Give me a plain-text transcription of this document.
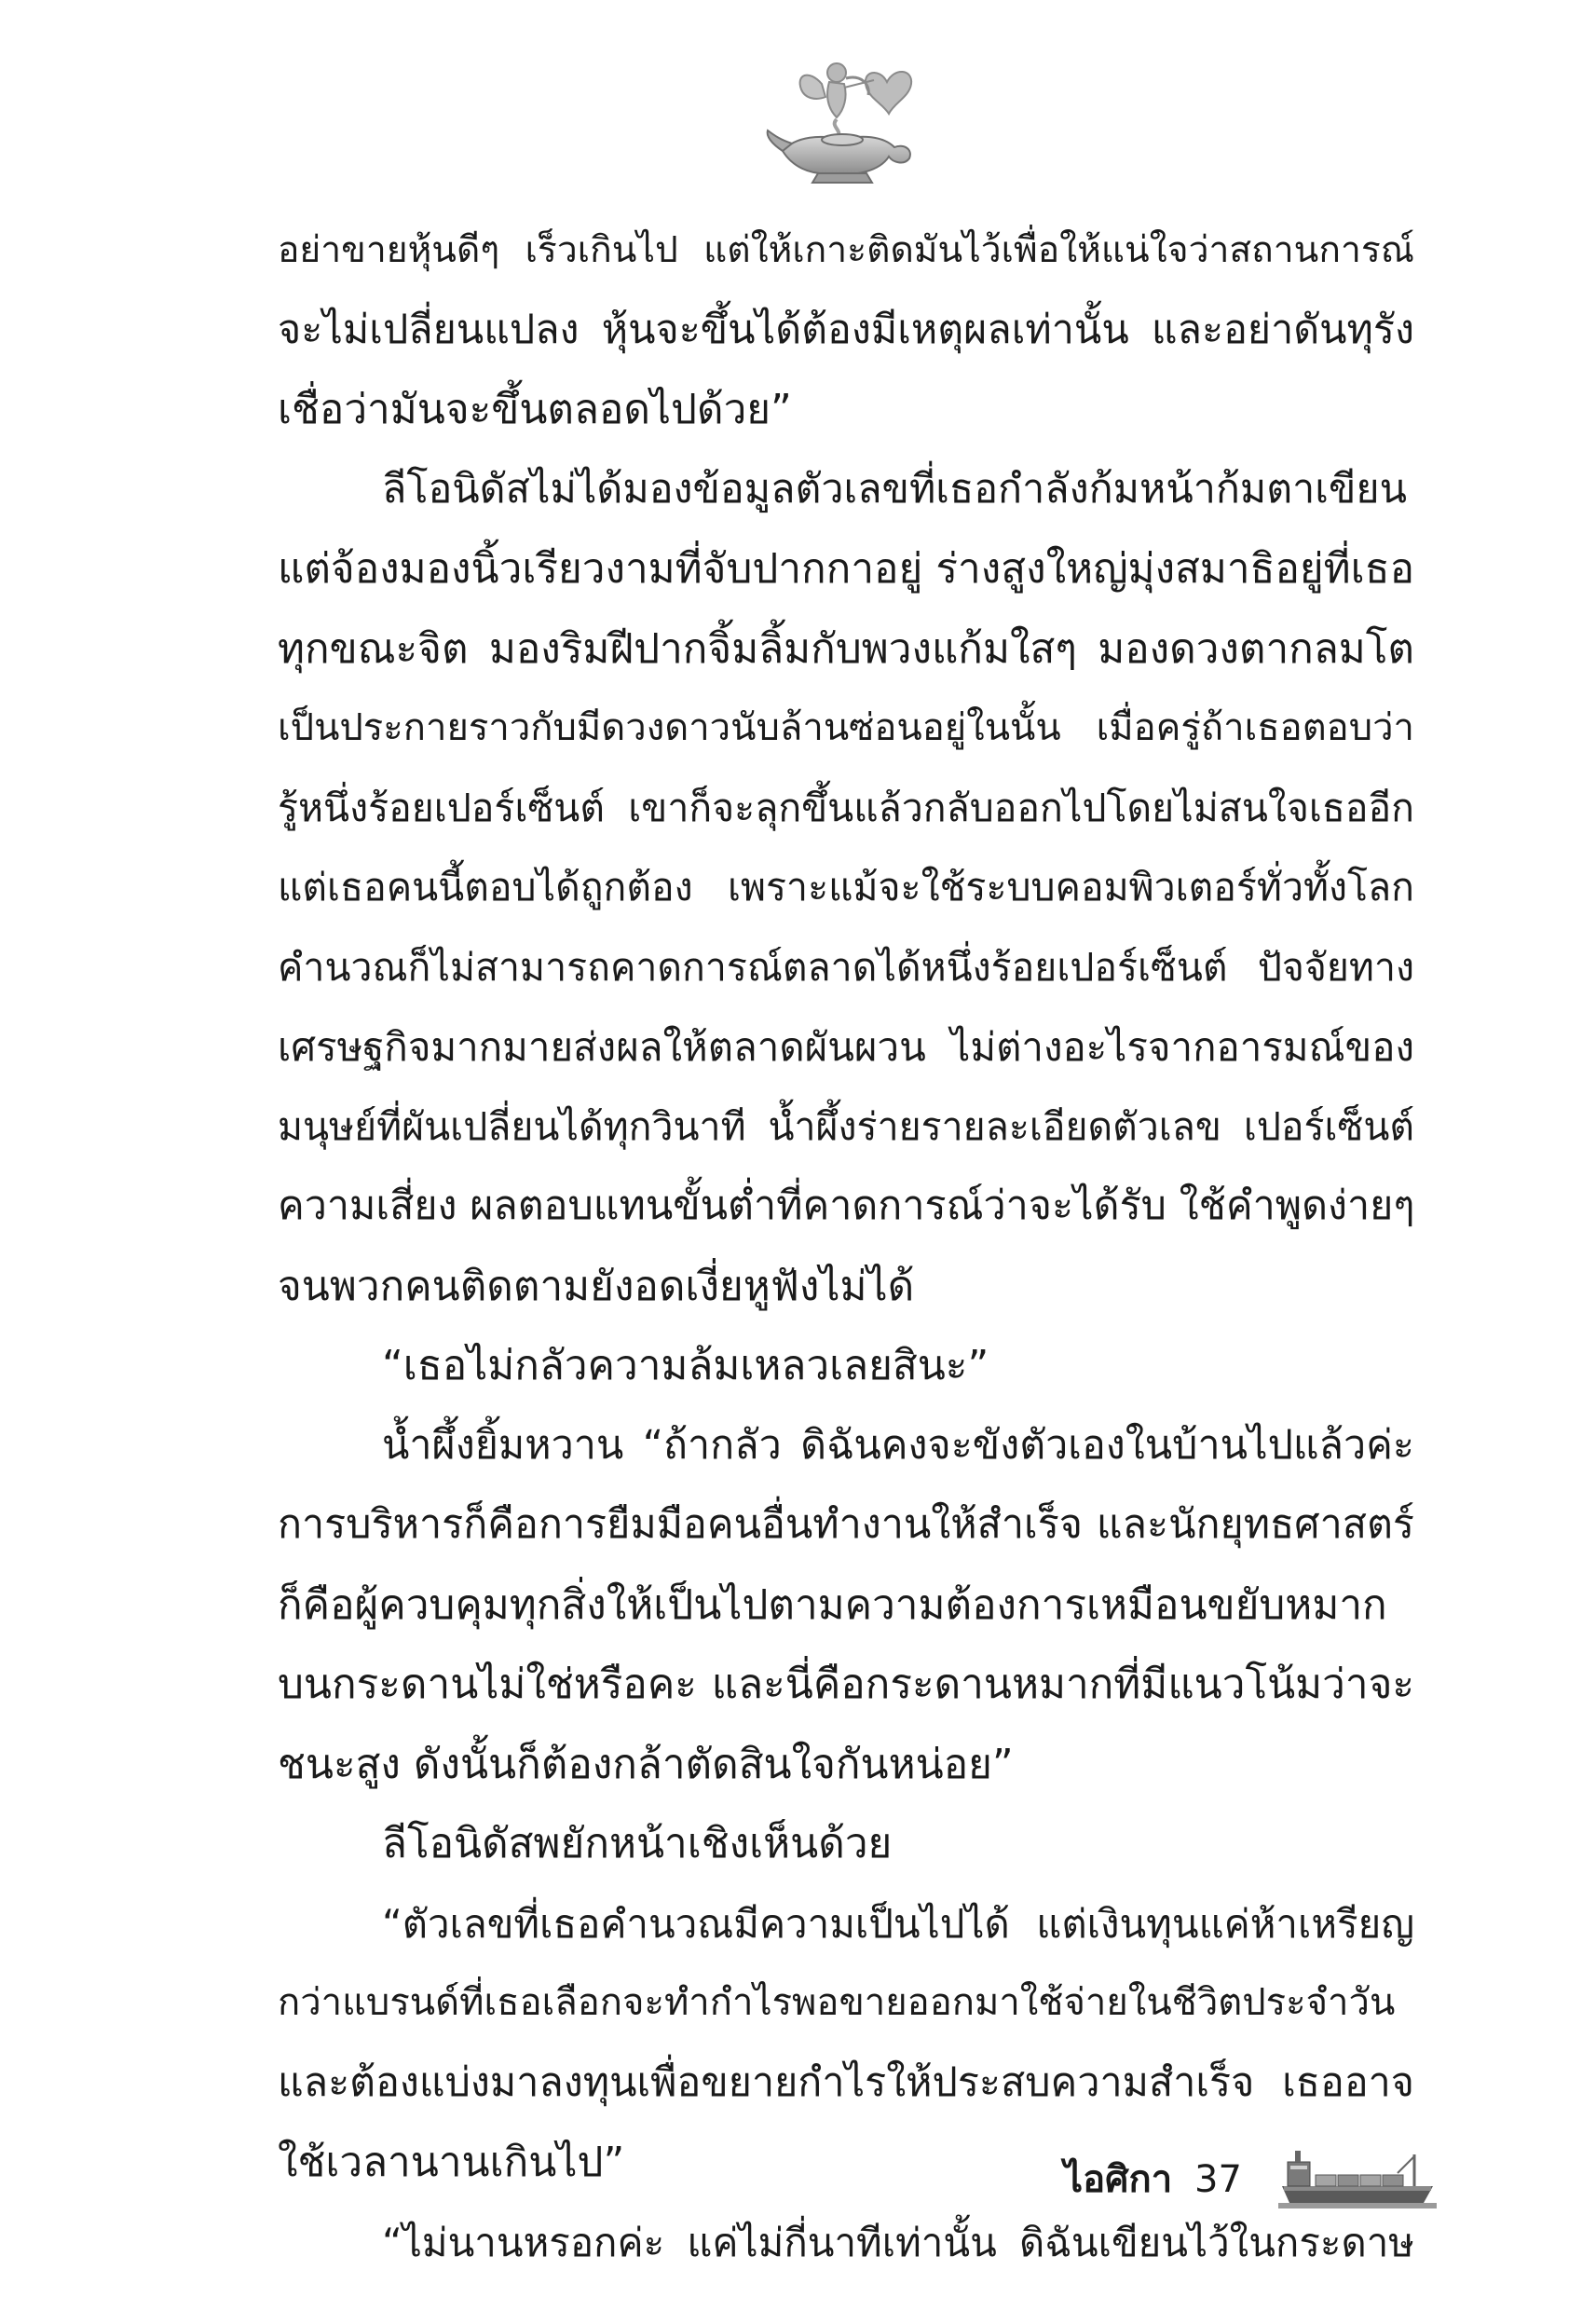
อย่าขายหุ้นดีๆ เร็วเกินไป แต่ให้เกาะติดมันไว้เพื่อให้แน่ใจว่าสถานการณ์
จะไม่เปลี่ยนแปลง หุ้นจะขึ้นได้ต้องมีเหตุผลเท่านั้น และอย่าดันทุรัง
เชื่อว่ามันจะขึ้นตลอดไปด้วย”
ลีโอนิดัสไม่ได้มองข้อมูลตัวเลขที่เธอกำลังก้มหน้าก้มตาเขียน
แต่จ้องมองนิ้วเรียวงามที่จับปากกาอยู่ ร่างสูงใหญ่มุ่งสมาธิอยู่ที่เธอ
ทุกขณะจิต มองริมฝีปากจิ้มลิ้มกับพวงแก้มใสๆ มองดวงตากลมโต
เป็นประกายราวกับมีดวงดาวนับล้านซ่อนอยู่ในนั้น เมื่อครู่ถ้าเธอตอบว่า
รู้หนึ่งร้อยเปอร์เซ็นต์ เขาก็จะลุกขึ้นแล้วกลับออกไปโดยไม่สนใจเธออีก
แต่เธอคนนี้ตอบได้ถูกต้อง เพราะแม้จะใช้ระบบคอมพิวเตอร์ทั่วทั้งโลก
คำนวณก็ไม่สามารถคาดการณ์ตลาดได้หนึ่งร้อยเปอร์เซ็นต์ ปัจจัยทาง
เศรษฐกิจมากมายส่งผลให้ตลาดผันผวน ไม่ต่างอะไรจากอารมณ์ของ
มนุษย์ที่ผันเปลี่ยนได้ทุกวินาที น้ำผึ้งร่ายรายละเอียดตัวเลข เปอร์เซ็นต์
ความเสี่ยง ผลตอบแทนขั้นต่ำที่คาดการณ์ว่าจะได้รับ ใช้คำพูดง่ายๆ
จนพวกคนติดตามยังอดเงี่ยหูฟังไม่ได้
“เธอไม่กลัวความล้มเหลวเลยสินะ”
น้ำผึ้งยิ้มหวาน “ถ้ากลัว ดิฉันคงจะขังตัวเองในบ้านไปแล้วค่ะ
การบริหารก็คือการยืมมือคนอื่นทำงานให้สำเร็จ และนักยุทธศาสตร์
ก็คือผู้ควบคุมทุกสิ่งให้เป็นไปตามความต้องการเหมือนขยับหมาก
บนกระดานไม่ใช่หรือคะ และนี่คือกระดานหมากที่มีแนวโน้มว่าจะ
ชนะสูง ดังนั้นก็ต้องกล้าตัดสินใจกันหน่อย”
ลีโอนิดัสพยักหน้าเชิงเห็นด้วย
“ตัวเลขที่เธอคำนวณมีความเป็นไปได้ แต่เงินทุนแค่ห้าเหรียญ
กว่าแบรนด์ที่เธอเลือกจะทำกำไรพอขายออกมาใช้จ่ายในชีวิตประจำวัน
และต้องแบ่งมาลงทุนเพื่อขยายกำไรให้ประสบความสำเร็จ เธออาจ
ใช้เวลานานเกินไป”
“ไม่นานหรอกค่ะ แค่ไม่กี่นาทีเท่านั้น ดิฉันเขียนไว้ในกระดาษ
ไอศิกา 37
